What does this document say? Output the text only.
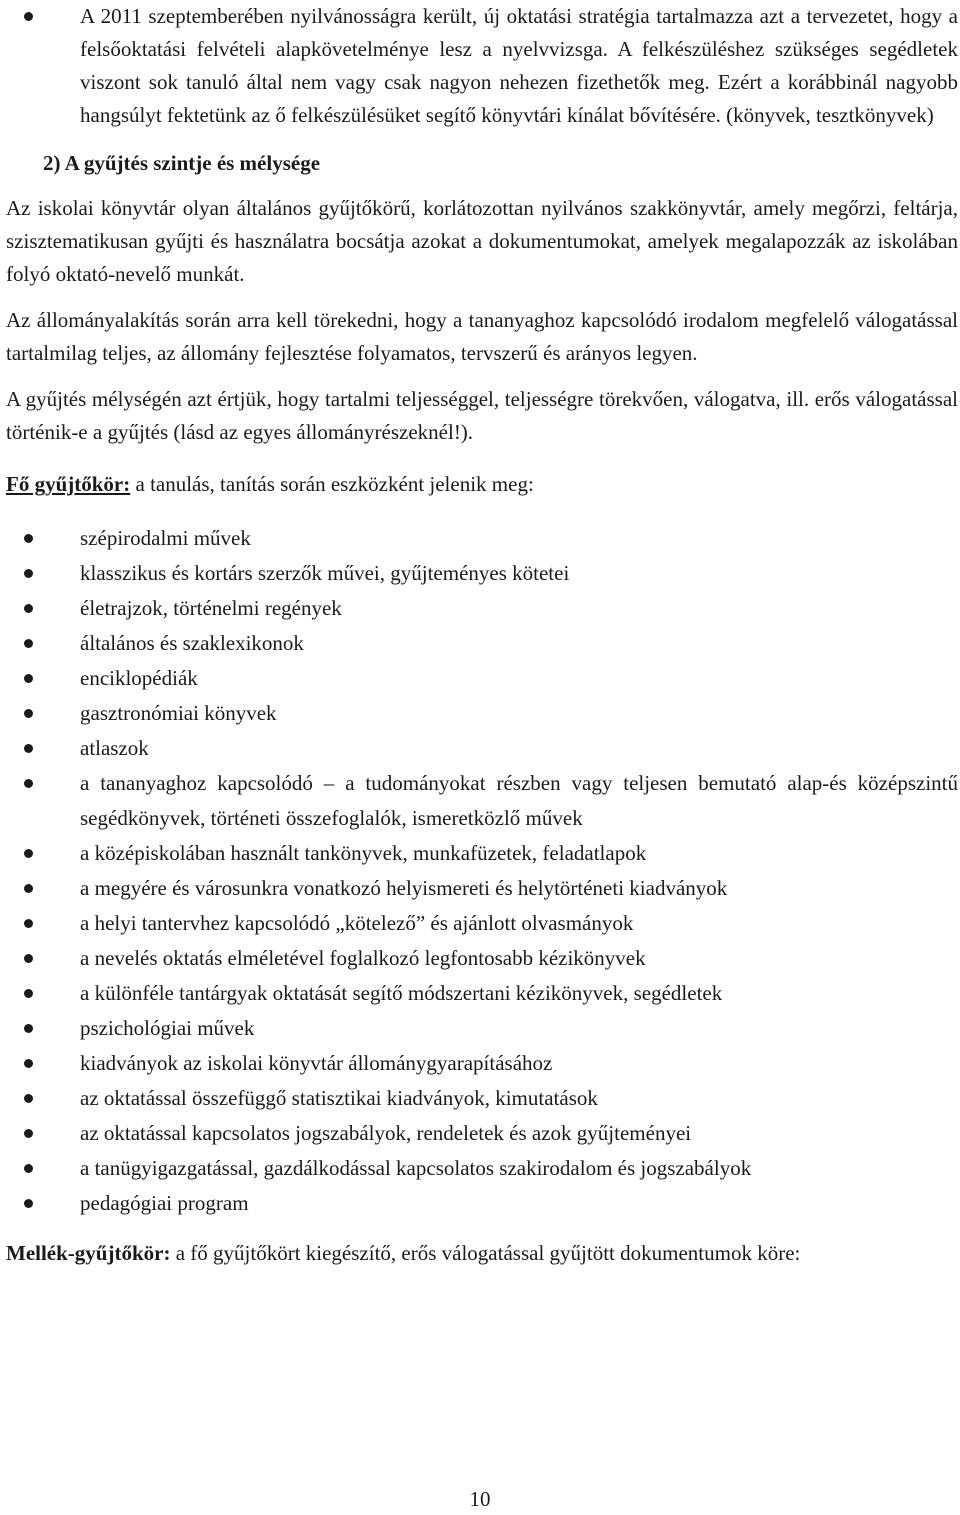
A 2011 szeptemberében nyilvánosságra került, új oktatási stratégia tartalmazza azt a tervezetet, hogy a felsőoktatási felvételi alapkövetelménye lesz a nyelvvizsga. A felkészüléshez szükséges segédletek viszont sok tanuló által nem vagy csak nagyon nehezen fizethetők meg. Ezért a korábbinál nagyobb hangsúlyt fektetünk az ő felkészülésüket segítő könyvtári kínálat bővítésére. (könyvek, tesztkönyvek)

2) A gyűjtés szintje és mélysége

Az iskolai könyvtár olyan általános gyűjtőkörű, korlátozottan nyilvános szakkönyvtár, amely megőrzi, feltárja, szisztematikusan gyűjti és használatra bocsátja azokat a dokumentumokat, amelyek megalapozzák az iskolában folyó oktató-nevelő munkát.

Az állományalakítás során arra kell törekedni, hogy a tananyaghoz kapcsolódó irodalom megfelelő válogatással tartalmilag teljes, az állomány fejlesztése folyamatos, tervszerű és arányos legyen.

A gyűjtés mélységén azt értjük, hogy tartalmi teljességgel, teljességre törekvően, válogatva, ill. erős válogatással történik-e a gyűjtés (lásd az egyes állományrészeknél!).

Fő gyűjtőkör: a tanulás, tanítás során eszközként jelenik meg:

szépirodalmi művek
klasszikus és kortárs szerzők művei, gyűjteményes kötetei
életrajzok, történelmi regények
általános és szaklexikonok
enciklopédiák
gasztronómiai könyvek
atlaszok
a tananyaghoz kapcsolódó – a tudományokat részben vagy teljesen bemutató alap-és középszintű segédkönyvek, történeti összefoglalók, ismeretközlő művek
a középiskolában használt tankönyvek, munkafüzetek, feladatlapok
a megyére és városunkra vonatkozó helyismereti és helytörténeti kiadványok
a helyi tantervhez kapcsolódó „kötelező” és ajánlott olvasmányok
a nevelés oktatás elméletével foglalkozó legfontosabb kézikönyvek
a különféle tantárgyak oktatását segítő módszertani kézikönyvek, segédletek
pszichológiai művek
kiadványok az iskolai könyvtár állománygyarapításához
az oktatással összefüggő statisztikai kiadványok, kimutatások
az oktatással kapcsolatos jogszabályok, rendeletek és azok gyűjteményei
a tanügyigazgatással, gazdálkodással kapcsolatos szakirodalom és jogszabályok
pedagógiai program

Mellék-gyűjtőkör: a fő gyűjtőkört kiegészítő, erős válogatással gyűjtött dokumentumok köre:

10
